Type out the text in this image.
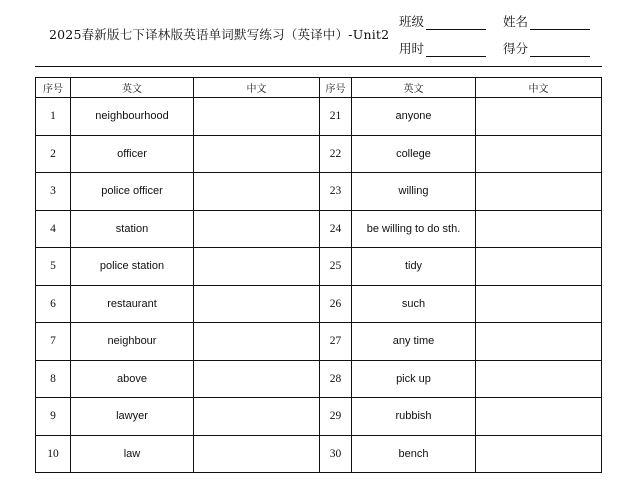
2025春新版七下译林版英语单词默写练习（英译中）-Unit2
班级	姓名
用时	得分
序号	英文	中文	序号	英文	中文
1	neighbourhood		21	anyone	
2	officer		22	college	
3	police officer		23	willing	
4	station		24	be willing to do sth.	
5	police station		25	tidy	
6	restaurant		26	such	
7	neighbour		27	any time	
8	above		28	pick up	
9	lawyer		29	rubbish	
10	law		30	bench	
